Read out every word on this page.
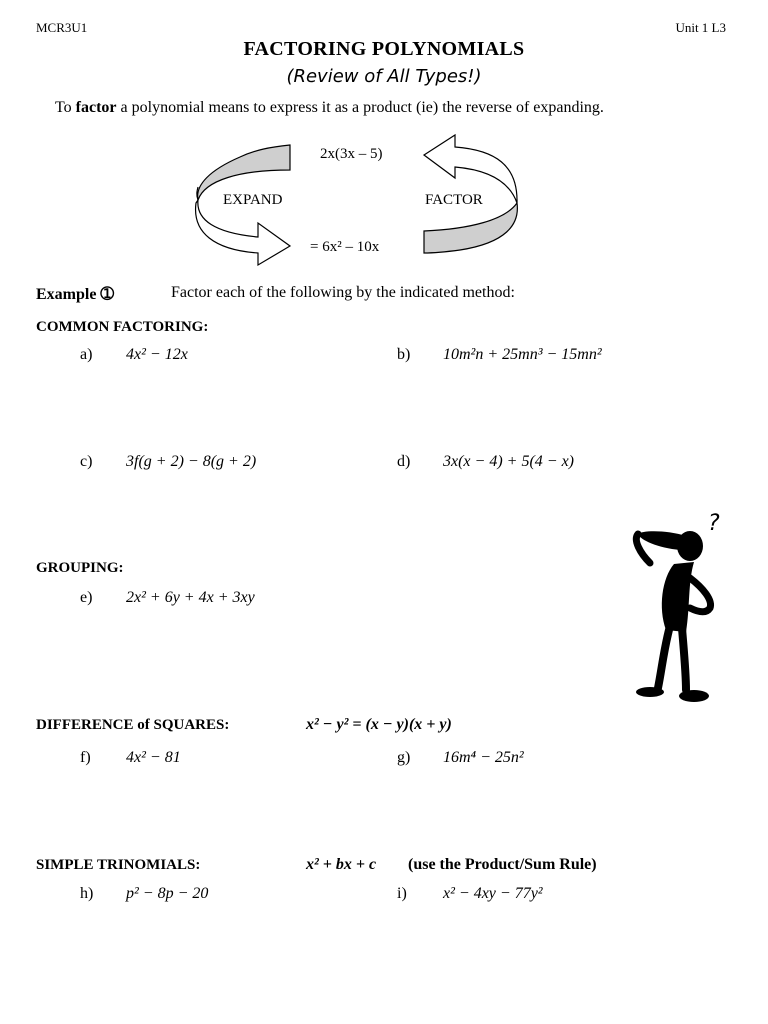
MCR3U1	Unit 1 L3
FACTORING POLYNOMIALS
(Review of All Types!)
To factor a polynomial means to express it as a product (ie) the reverse of expanding.
2x(3x – 5)
EXPAND	FACTOR
= 6x² – 10x
Example ➀	Factor each of the following by the indicated method:
COMMON FACTORING:
a) 4x² − 12x	b) 10m²n + 25mn³ − 15mn²
c) 3f(g + 2) − 8(g + 2)	d) 3x(x − 4) + 5(4 − x)
GROUPING:
e) 2x² + 6y + 4x + 3xy
?
DIFFERENCE of SQUARES:	x² − y² = (x − y)(x + y)
f) 4x² − 81	g) 16m⁴ − 25n²
SIMPLE TRINOMIALS:	x² + bx + c (use the Product/Sum Rule)
h) p² − 8p − 20	i) x² − 4xy − 77y²
